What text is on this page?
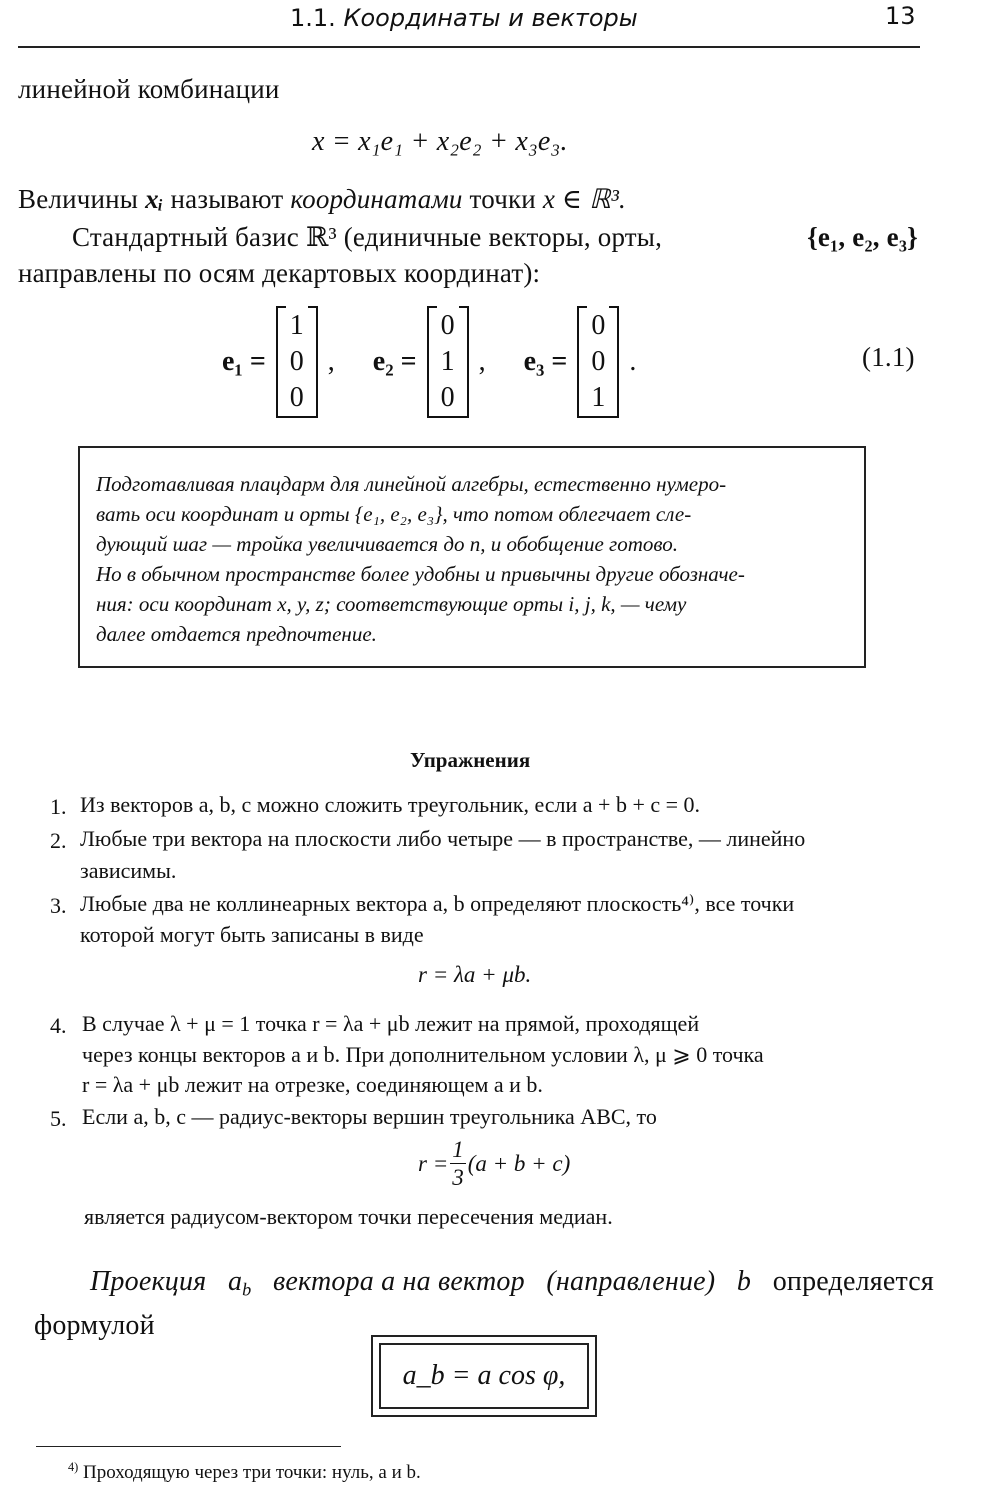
1.1. Координаты и векторы	13
линейной комбинации
x = x₁e₁ + x₂e₂ + x₃e₃.
Величины xᵢ называют координатами точки x ∈ ℝ³.
Стандартный базис ℝ³ (единичные векторы, орты,	{e₁, e₂, e₃}
направлены по осям декартовых координат):
e₁ =
1
0
0
, e₂ =
0
1
0
, e₃ =
0
0
1
.	(1.1)
Подготавливая плацдарм для линейной алгебры, естественно нумеро-
вать оси координат и орты {e₁, e₂, e₃}, что потом облегчает сле-
дующий шаг — тройка увеличивается до n, и обобщение готово.
Но в обычном пространстве более удобны и привычны другие обозначе-
ния: оси координат x, y, z; соответствующие орты i, j, k, — чему
далее отдается предпочтение.
Упражнения
1. Из векторов a, b, c можно сложить треугольник, если a + b + c = 0.
2. Любые три вектора на плоскости либо четыре — в пространстве, — линейно
зависимы.
3. Любые два не коллинеарных вектора a, b определяют плоскость⁴⁾, все точки
которой могут быть записаны в виде
r = λa + μb.
4. В случае λ + μ = 1 точка r = λa + μb лежит на прямой, проходящей
через концы векторов a и b. При дополнительном условии λ, μ ⩾ 0 точка
r = λa + μb лежит на отрезке, соединяющем a и b.
5. Если a, b, c — радиус-векторы вершин треугольника ABC, то
$r = \frac{1}{3} (a + b + c)$
является радиусом-вектором точки пересечения медиан.
Проекция $a_b$ вектора a на вектор (направление) b определяется
формулой
a_b = a cos φ,
$^{4)}$ Проходящую через три точки: нуль, a и b.
